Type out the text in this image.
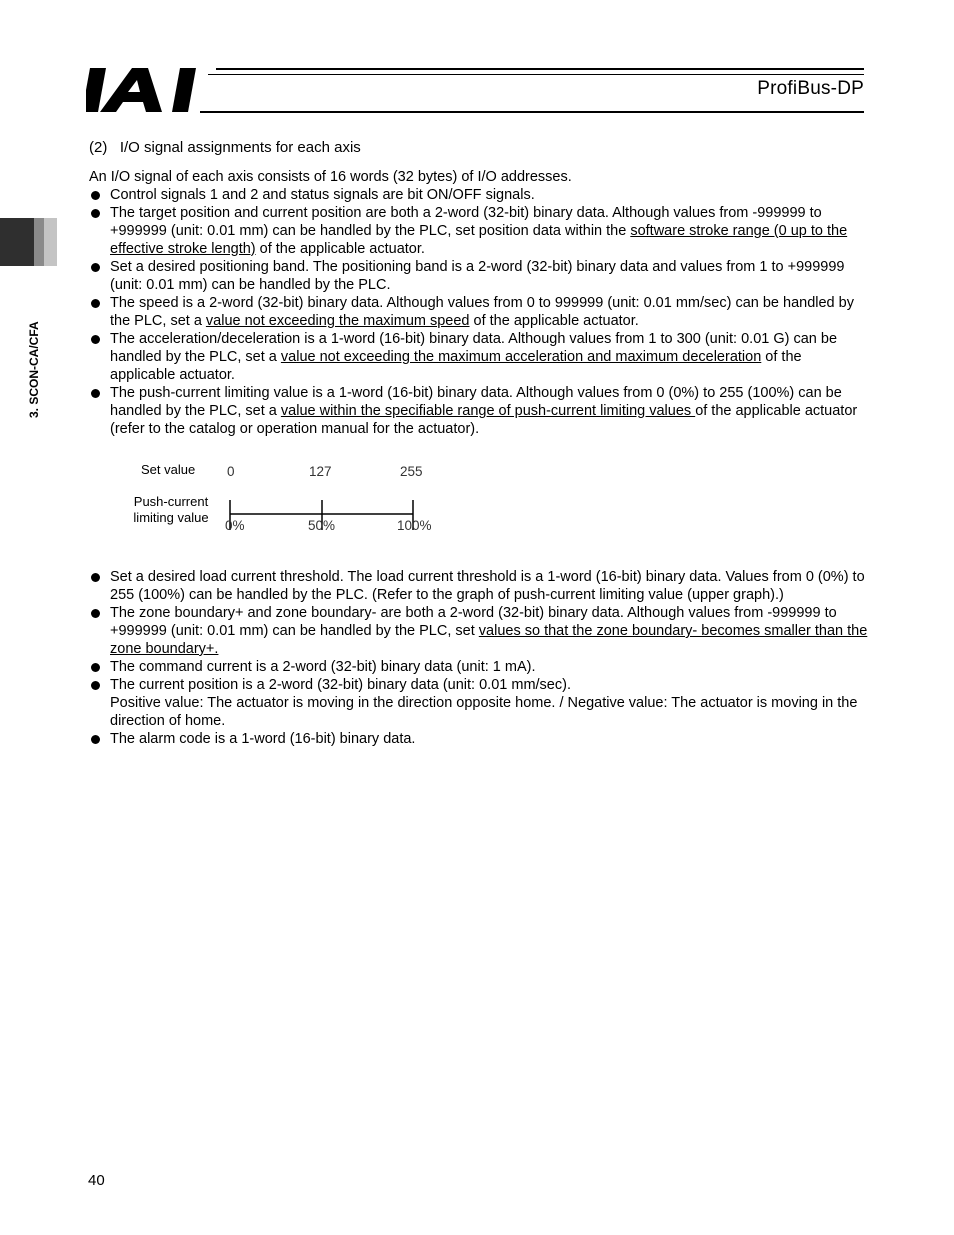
ProfiBus-DP
3. SCON-CA/CFA
(2)   I/O signal assignments for each axis

An I/O signal of each axis consists of 16 words (32 bytes) of I/O addresses.

Control signals 1 and 2 and status signals are bit ON/OFF signals.
The target position and current position are both a 2-word (32-bit) binary data. Although values from -999999 to +999999 (unit: 0.01 mm) can be handled by the PLC, set position data within the software stroke range (0 up to the effective stroke length) of the applicable actuator.
Set a desired positioning band. The positioning band is a 2-word (32-bit) binary data and values from 1 to +999999 (unit: 0.01 mm) can be handled by the PLC.
The speed is a 2-word (32-bit) binary data. Although values from 0 to 999999 (unit: 0.01 mm/sec) can be handled by the PLC, set a value not exceeding the maximum speed of the applicable actuator.
The acceleration/deceleration is a 1-word (16-bit) binary data. Although values from 1 to 300 (unit: 0.01 G) can be handled by the PLC, set a value not exceeding the maximum acceleration and maximum deceleration of the applicable actuator.
The push-current limiting value is a 1-word (16-bit) binary data. Although values from 0 (0%) to 255 (100%) can be handled by the PLC, set a value within the specifiable range of push-current limiting values of the applicable actuator (refer to the catalog or operation manual for the actuator).
Set value
Push-current
limiting value
0	127	255
0%	50%	100%
Set a desired load current threshold. The load current threshold is a 1-word (16-bit) binary data. Values from 0 (0%) to 255 (100%) can be handled by the PLC. (Refer to the graph of push-current limiting value (upper graph).)
The zone boundary+ and zone boundary- are both a 2-word (32-bit) binary data. Although values from -999999 to +999999 (unit: 0.01 mm) can be handled by the PLC, set values so that the zone boundary- becomes smaller than the zone boundary+.
The command current is a 2-word (32-bit) binary data (unit: 1 mA).
The current position is a 2-word (32-bit) binary data (unit: 0.01 mm/sec).
Positive value: The actuator is moving in the direction opposite home. / Negative value: The actuator is moving in the direction of home.
The alarm code is a 1-word (16-bit) binary data.
40
